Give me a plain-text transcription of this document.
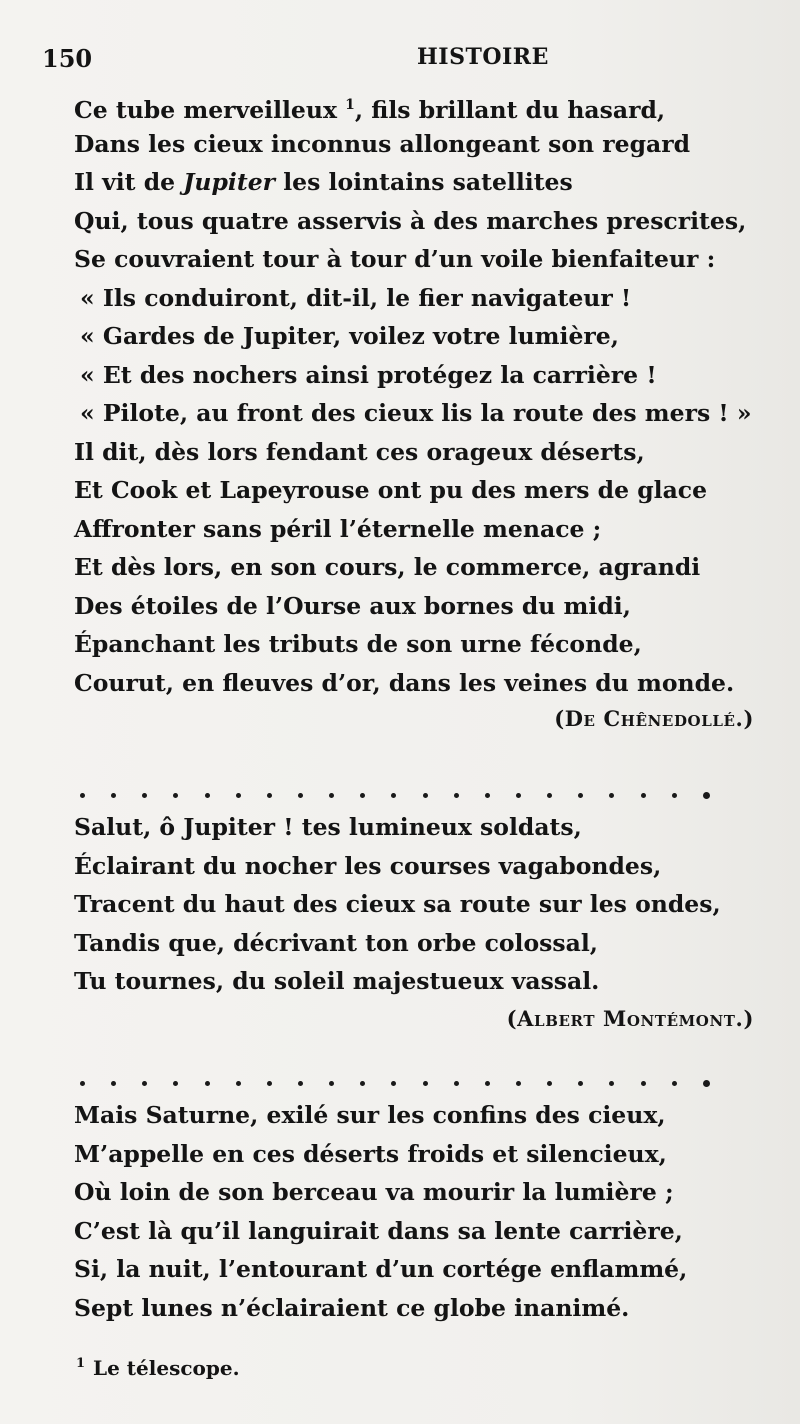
150	HISTOIRE
Ce tube merveilleux $^1$, fils brillant du hasard,
Dans les cieux inconnus allongeant son regard
Il vit de Jupiter les lointains satellites
Qui, tous quatre asservis à des marches prescrites,
Se couvraient tour à tour d’un voile bienfaiteur :
« Ils conduiront, dit-il, le fier navigateur !
« Gardes de Jupiter, voilez votre lumière,
« Et des nochers ainsi protégez la carrière !
« Pilote, au front des cieux lis la route des mers ! »
Il dit, dès lors fendant ces orageux déserts,
Et Cook et Lapeyrouse ont pu des mers de glace
Affronter sans péril l’éternelle menace ;
Et dès lors, en son cours, le commerce, agrandi
Des étoiles de l’Ourse aux bornes du midi,
Épanchant les tributs de son urne féconde,
Courut, en fleuves d’or, dans les veines du monde.
(De Chênedollé.)
Salut, ô Jupiter ! tes lumineux soldats,
Éclairant du nocher les courses vagabondes,
Tracent du haut des cieux sa route sur les ondes,
Tandis que, décrivant ton orbe colossal,
Tu tournes, du soleil majestueux vassal.
(Albert Montémont.)
Mais Saturne, exilé sur les confins des cieux,
M’appelle en ces déserts froids et silencieux,
Où loin de son berceau va mourir la lumière ;
C’est là qu’il languirait dans sa lente carrière,
Si, la nuit, l’entourant d’un cortége enflammé,
Sept lunes n’éclairaient ce globe inanimé.
$^1$ Le télescope.
